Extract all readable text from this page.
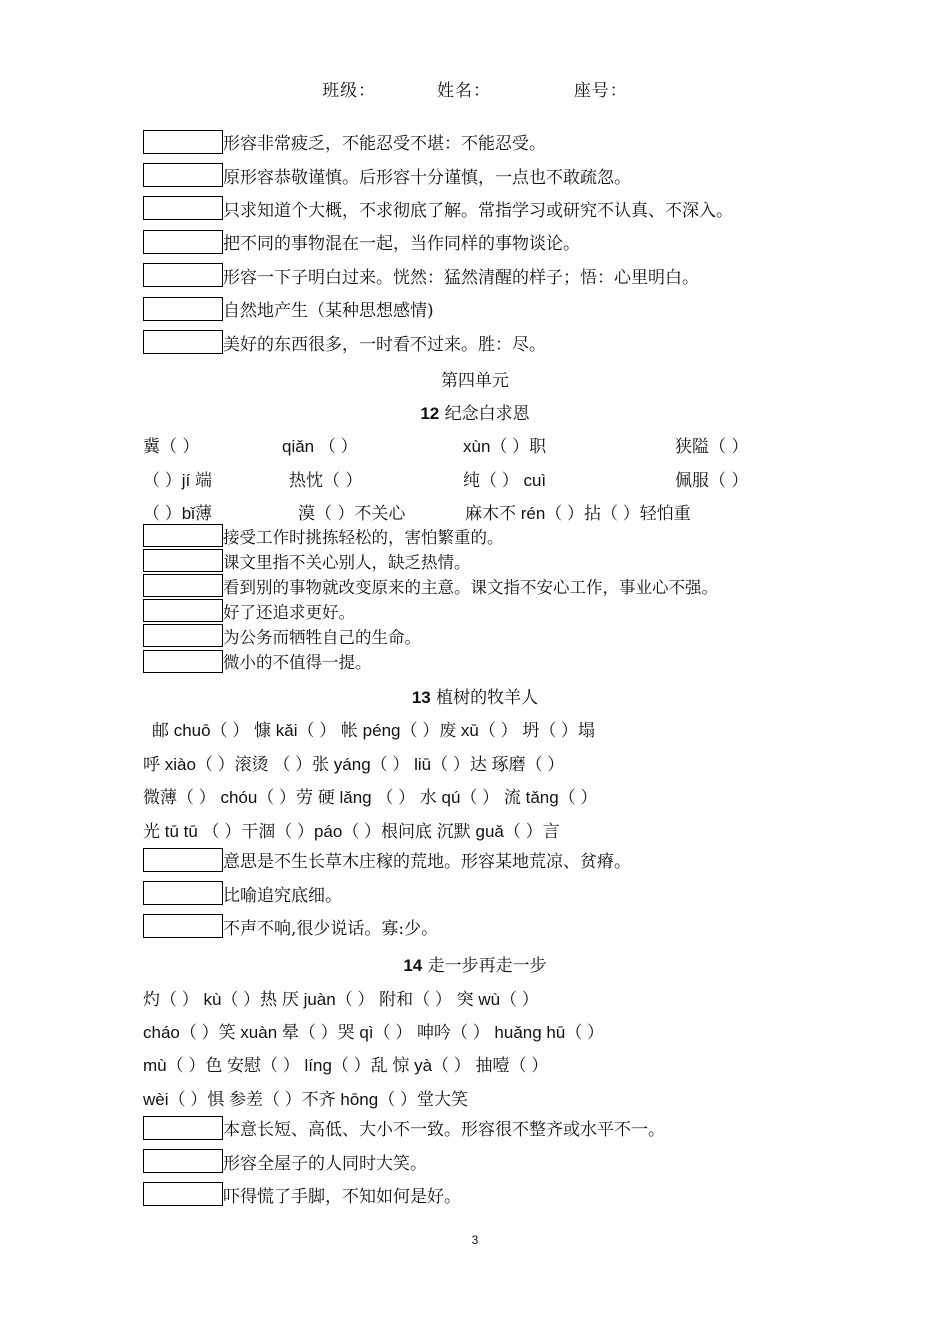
班级：	姓名：	座号：
形容非常疲乏，不能忍受不堪：不能忍受。
原形容恭敬谨慎。后形容十分谨慎，一点也不敢疏忽。
只求知道个大概，不求彻底了解。常指学习或研究不认真、不深入。
把不同的事物混在一起，当作同样的事物谈论。
形容一下子明白过来。恍然：猛然清醒的样子；悟：心里明白。
自然地产生（某种思想感情)
美好的东西很多，一时看不过来。胜：尽。
第四单元
12 纪念白求恩
冀（ ）	qiǎn （ ）	xùn（ ）职	狭隘（ ）
（ ）jí 端	热忱（ ）	纯（ ） cuì	佩服（ ）
（ ）bǐ薄	漠（ ）不关心	麻木不 rén（ ）拈（ ）轻怕重
接受工作时挑拣轻松的，害怕繁重的。
课文里指不关心别人，缺乏热情。
看到别的事物就改变原来的主意。课文指不安心工作，事业心不强。
好了还追求更好。
为公务而牺牲自己的生命。
微小的不值得一提。
13 植树的牧羊人
邮 chuō（ ） 慷 kǎi（ ） 帐 péng（ ）废 xū（ ） 坍（ ）塌
呼 xiào（ ）滚烫 （ ）张 yáng（ ） liū（ ）达 琢磨（ ）
微薄（ ） chóu（ ）劳 硬 lǎng （ ） 水 qú（ ） 流 tǎng（ ）
光 tū tū （ ）干涸（ ）páo（ ）根问底 沉默 guǎ（ ）言
意思是不生长草木庄稼的荒地。形容某地荒凉、贫瘠。
比喻追究底细。
不声不响,很少说话。寡:少。
14 走一步再走一步
灼（ ） kù（ ）热 厌 juàn（ ） 附和（ ） 突 wù（ ）
cháo（ ）笑 xuàn 晕（ ）哭 qì（ ） 呻吟（ ） huǎng hū（ ）
mù（ ）色 安慰（ ） líng（ ）乱 惊 yà（ ） 抽噎（ ）
wèi（ ）惧 参差（ ）不齐 hōng（ ）堂大笑
本意长短、高低、大小不一致。形容很不整齐或水平不一。
形容全屋子的人同时大笑。
吓得慌了手脚，不知如何是好。
3
